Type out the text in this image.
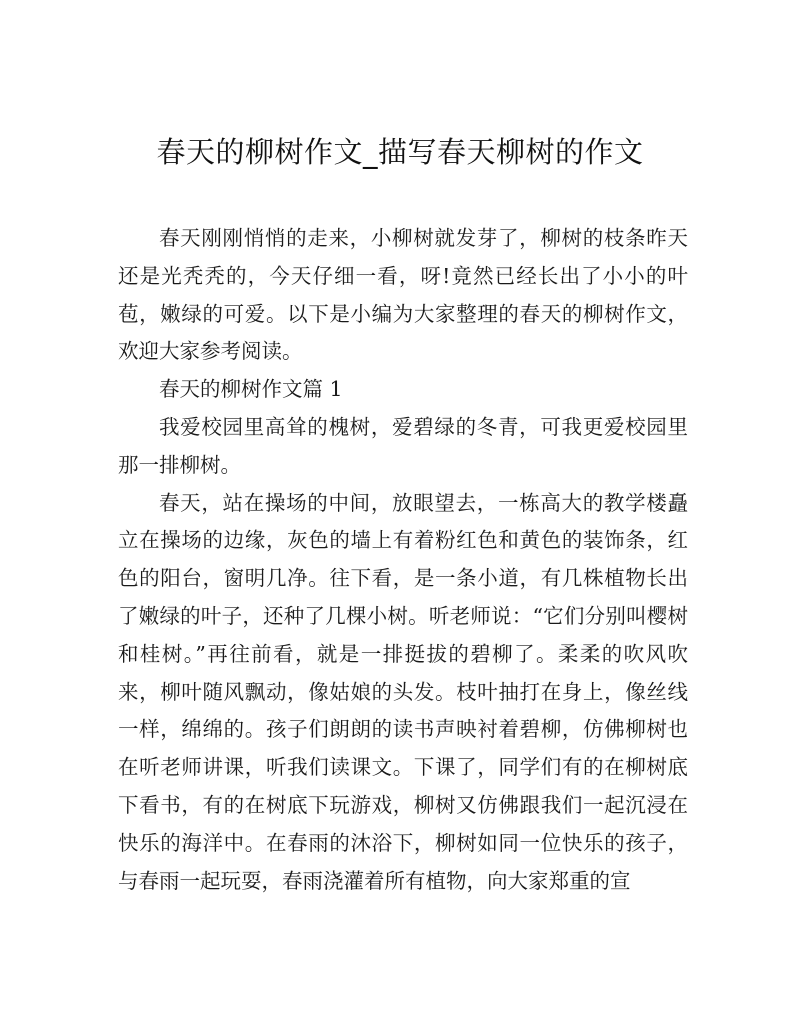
春天的柳树作文_描写春天柳树的作文

春天刚刚悄悄的走来，小柳树就发芽了，柳树的枝条昨天还是光秃秃的，今天仔细一看，呀!竟然已经长出了小小的叶苞，嫩绿的可爱。以下是小编为大家整理的春天的柳树作文，欢迎大家参考阅读。

春天的柳树作文篇 1

我爱校园里高耸的槐树，爱碧绿的冬青，可我更爱校园里那一排柳树。

春天，站在操场的中间，放眼望去，一栋高大的教学楼矗立在操场的边缘，灰色的墙上有着粉红色和黄色的装饰条，红色的阳台，窗明几净。往下看，是一条小道，有几株植物长出了嫩绿的叶子，还种了几棵小树。听老师说：“它们分别叫樱树和桂树。”再往前看，就是一排挺拔的碧柳了。柔柔的吹风吹来，柳叶随风飘动，像姑娘的头发。枝叶抽打在身上，像丝线一样，绵绵的。孩子们朗朗的读书声映衬着碧柳，仿佛柳树也在听老师讲课，听我们读课文。下课了，同学们有的在柳树底下看书，有的在树底下玩游戏，柳树又仿佛跟我们一起沉浸在快乐的海洋中。在春雨的沐浴下，柳树如同一位快乐的孩子，与春雨一起玩耍，春雨浇灌着所有植物，向大家郑重的宣
